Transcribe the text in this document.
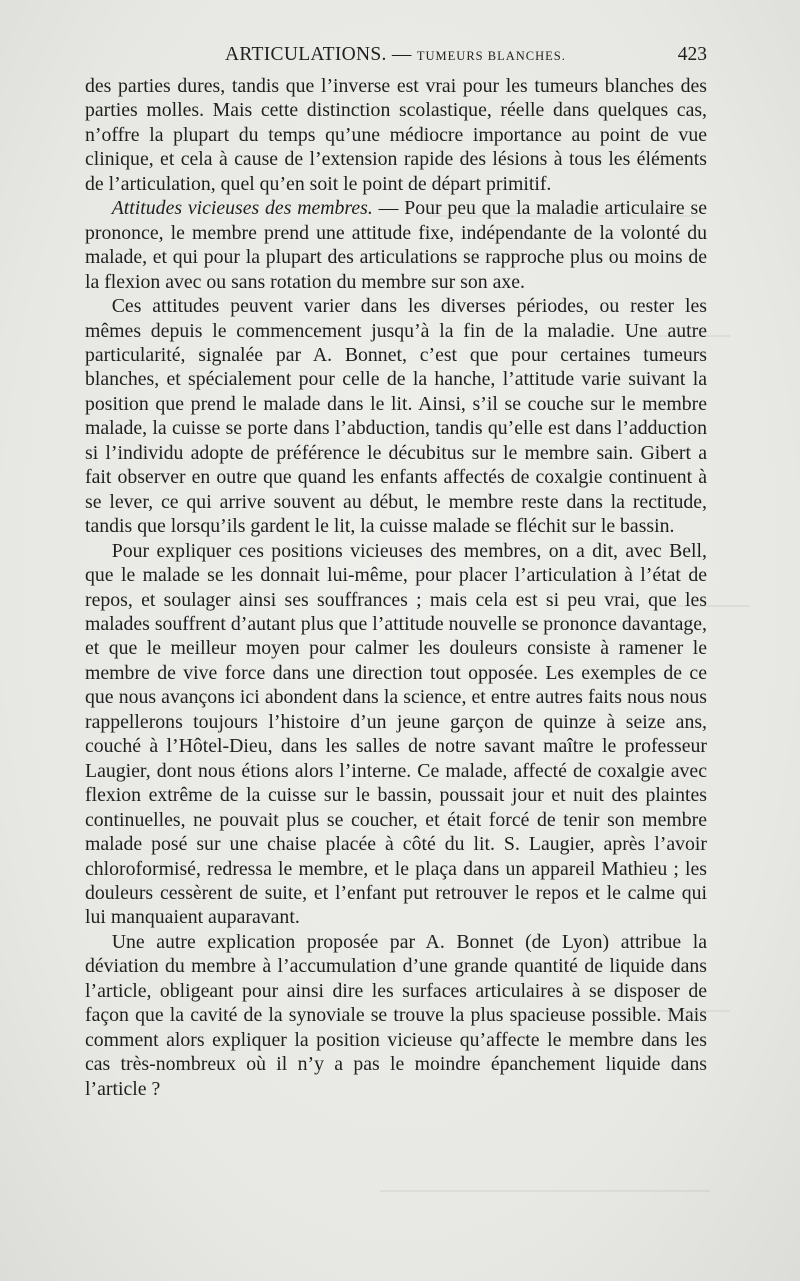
ARTICULATIONS. — TUMEURS BLANCHES.	423

des parties dures, tandis que l’inverse est vrai pour les tumeurs blanches des parties molles. Mais cette distinction scolastique, réelle dans quelques cas, n’offre la plupart du temps qu’une médiocre importance au point de vue clinique, et cela à cause de l’extension rapide des lésions à tous les éléments de l’articulation, quel qu’en soit le point de départ primitif.

Attitudes vicieuses des membres. — Pour peu que la maladie articulaire se prononce, le membre prend une attitude fixe, indépendante de la volonté du malade, et qui pour la plupart des articulations se rapproche plus ou moins de la flexion avec ou sans rotation du membre sur son axe.

Ces attitudes peuvent varier dans les diverses périodes, ou rester les mêmes depuis le commencement jusqu’à la fin de la maladie. Une autre particularité, signalée par A. Bonnet, c’est que pour certaines tumeurs blanches, et spécialement pour celle de la hanche, l’attitude varie suivant la position que prend le malade dans le lit. Ainsi, s’il se couche sur le membre malade, la cuisse se porte dans l’abduction, tandis qu’elle est dans l’adduction si l’individu adopte de préférence le décubitus sur le membre sain. Gibert a fait observer en outre que quand les enfants affectés de coxalgie continuent à se lever, ce qui arrive souvent au début, le membre reste dans la rectitude, tandis que lorsqu’ils gardent le lit, la cuisse malade se fléchit sur le bassin.

Pour expliquer ces positions vicieuses des membres, on a dit, avec Bell, que le malade se les donnait lui-même, pour placer l’articulation à l’état de repos, et soulager ainsi ses souffrances ; mais cela est si peu vrai, que les malades souffrent d’autant plus que l’attitude nouvelle se prononce davantage, et que le meilleur moyen pour calmer les douleurs consiste à ramener le membre de vive force dans une direction tout opposée. Les exemples de ce que nous avançons ici abondent dans la science, et entre autres faits nous nous rappellerons toujours l’histoire d’un jeune garçon de quinze à seize ans, couché à l’Hôtel-Dieu, dans les salles de notre savant maître le professeur Laugier, dont nous étions alors l’interne. Ce malade, affecté de coxalgie avec flexion extrême de la cuisse sur le bassin, poussait jour et nuit des plaintes continuelles, ne pouvait plus se coucher, et était forcé de tenir son membre malade posé sur une chaise placée à côté du lit. S. Laugier, après l’avoir chloroformisé, redressa le membre, et le plaça dans un appareil Mathieu ; les douleurs cessèrent de suite, et l’enfant put retrouver le repos et le calme qui lui manquaient auparavant.

Une autre explication proposée par A. Bonnet (de Lyon) attribue la déviation du membre à l’accumulation d’une grande quantité de liquide dans l’article, obligeant pour ainsi dire les surfaces articulaires à se disposer de façon que la cavité de la synoviale se trouve la plus spacieuse possible. Mais comment alors expliquer la position vicieuse qu’affecte le membre dans les cas très-nombreux où il n’y a pas le moindre épanchement liquide dans l’article ?
